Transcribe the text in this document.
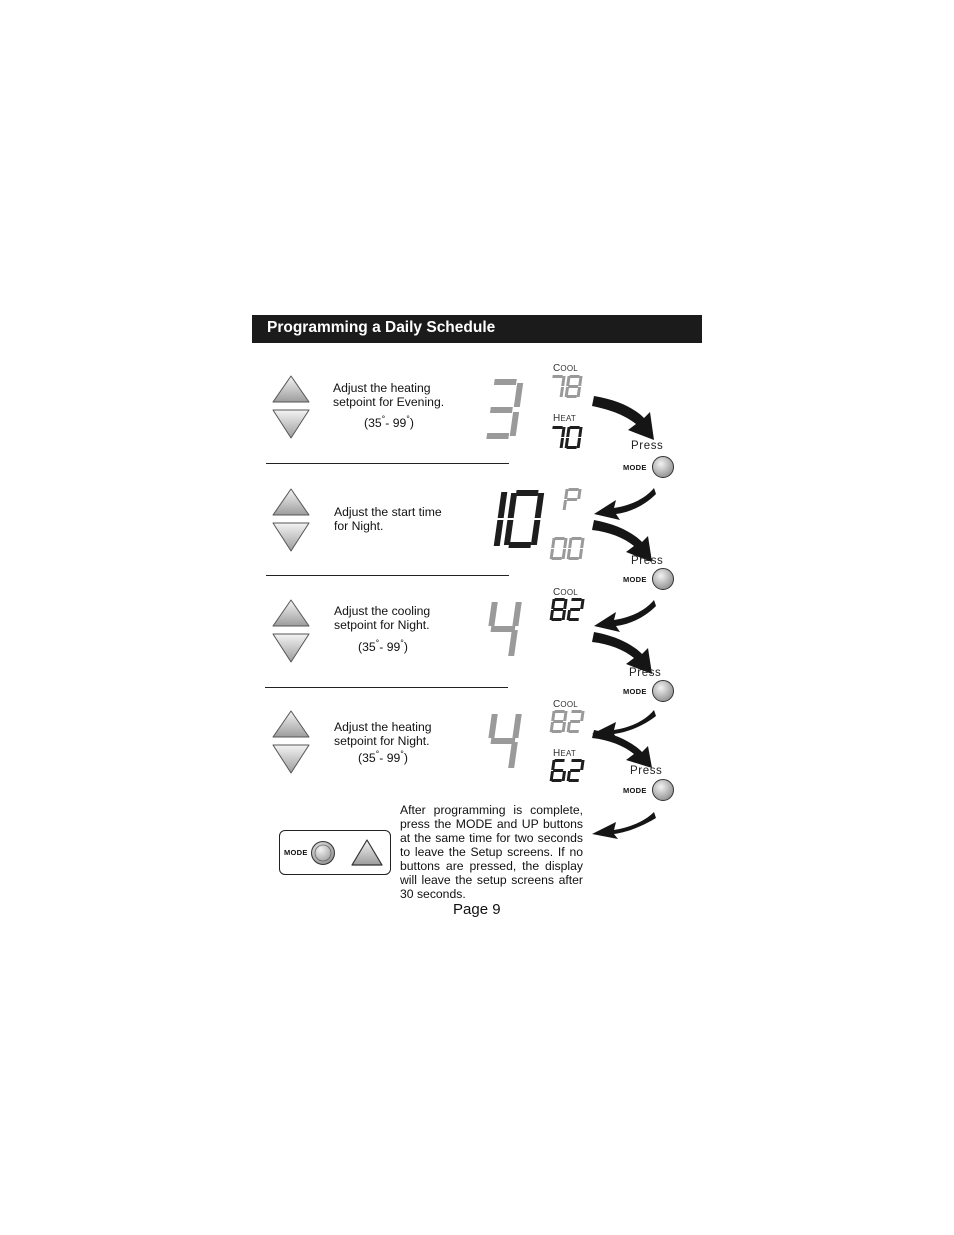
Programming a Daily Schedule
Adjust the heating
setpoint for Evening.
(35°- 99°)
COOL
HEAT
Adjust the start time
for Night.
Adjust the cooling
setpoint for Night.
(35°- 99°)
COOL
Adjust the heating
setpoint for Night.
(35°- 99°)
COOL
HEAT
Press
MODE
Press
MODE
Press
MODE
Press
MODE
MODE
After programming is complete, press the MODE and UP buttons at the same time for two seconds to leave the Setup screens. If no buttons are pressed, the display will leave the setup screens after 30 seconds.
Page 9
